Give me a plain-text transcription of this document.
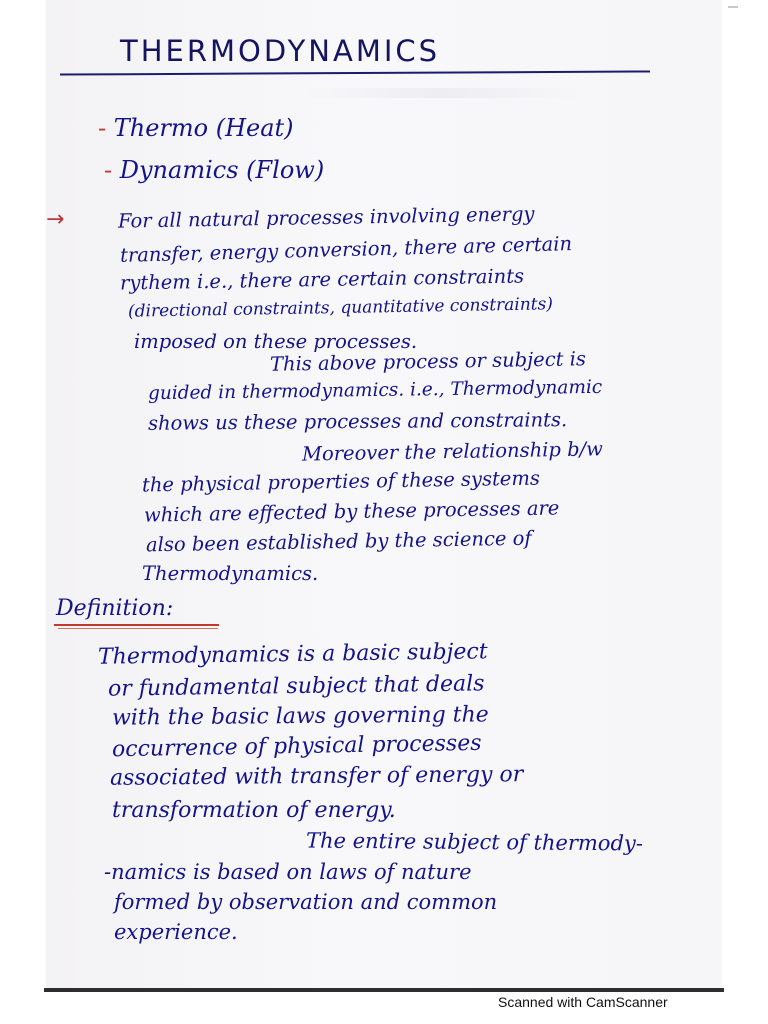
THERMODYNAMICS
- Thermo (Heat)
- Dynamics (Flow)
→	For all natural processes involving energy
transfer, energy conversion, there are certain
rythem i.e., there are certain constraints
(directional constraints, quantitative constraints)
imposed on these processes.
This above process or subject is
guided in thermodynamics. i.e., Thermodynamic
shows us these processes and constraints.
Moreover the relationship b/w
the physical properties of these systems
which are effected by these processes are
also been established by the science of
Thermodynamics.
Definition:
Thermodynamics is a basic subject
or fundamental subject that deals
with the basic laws governing the
occurrence of physical processes
associated with transfer of energy or
transformation of energy.
The entire subject of thermody-
-namics is based on laws of nature
formed by observation and common
experience.
Scanned with CamScanner
